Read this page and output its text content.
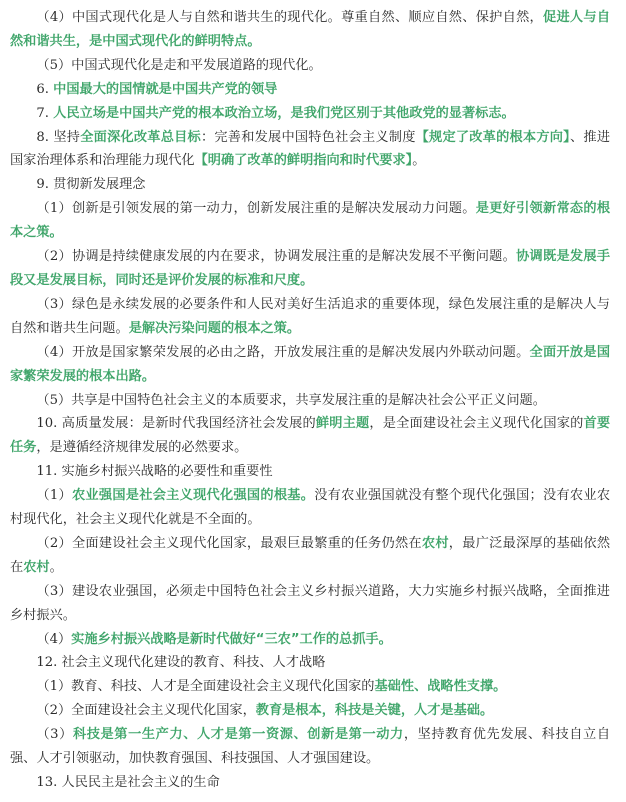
（4）中国式现代化是人与自然和谐共生的现代化。尊重自然、顺应自然、保护自然，促进人与自然和谐共生，是中国式现代化的鲜明特点。

（5）中国式现代化是走和平发展道路的现代化。

6. 中国最大的国情就是中国共产党的领导

7. 人民立场是中国共产党的根本政治立场，是我们党区别于其他政党的显著标志。

8. 坚持全面深化改革总目标：完善和发展中国特色社会主义制度【规定了改革的根本方向】、推进国家治理体系和治理能力现代化【明确了改革的鲜明指向和时代要求】。

9. 贯彻新发展理念

（1）创新是引领发展的第一动力，创新发展注重的是解决发展动力问题。是更好引领新常态的根本之策。

（2）协调是持续健康发展的内在要求，协调发展注重的是解决发展不平衡问题。协调既是发展手段又是发展目标，同时还是评价发展的标准和尺度。

（3）绿色是永续发展的必要条件和人民对美好生活追求的重要体现，绿色发展注重的是解决人与自然和谐共生问题。是解决污染问题的根本之策。

（4）开放是国家繁荣发展的必由之路，开放发展注重的是解决发展内外联动问题。全面开放是国家繁荣发展的根本出路。

（5）共享是中国特色社会主义的本质要求，共享发展注重的是解决社会公平正义问题。

10. 高质量发展：是新时代我国经济社会发展的鲜明主题，是全面建设社会主义现代化国家的首要任务，是遵循经济规律发展的必然要求。

11. 实施乡村振兴战略的必要性和重要性

（1）农业强国是社会主义现代化强国的根基。没有农业强国就没有整个现代化强国；没有农业农村现代化，社会主义现代化就是不全面的。

（2）全面建设社会主义现代化国家，最艰巨最繁重的任务仍然在农村，最广泛最深厚的基础依然在农村。

（3）建设农业强国，必须走中国特色社会主义乡村振兴道路，大力实施乡村振兴战略，全面推进乡村振兴。

（4）实施乡村振兴战略是新时代做好“三农”工作的总抓手。

12. 社会主义现代化建设的教育、科技、人才战略

（1）教育、科技、人才是全面建设社会主义现代化国家的基础性、战略性支撑。

（2）全面建设社会主义现代化国家，教育是根本，科技是关键，人才是基础。

（3）科技是第一生产力、人才是第一资源、创新是第一动力，坚持教育优先发展、科技自立自强、人才引领驱动，加快教育强国、科技强国、人才强国建设。

13. 人民民主是社会主义的生命
